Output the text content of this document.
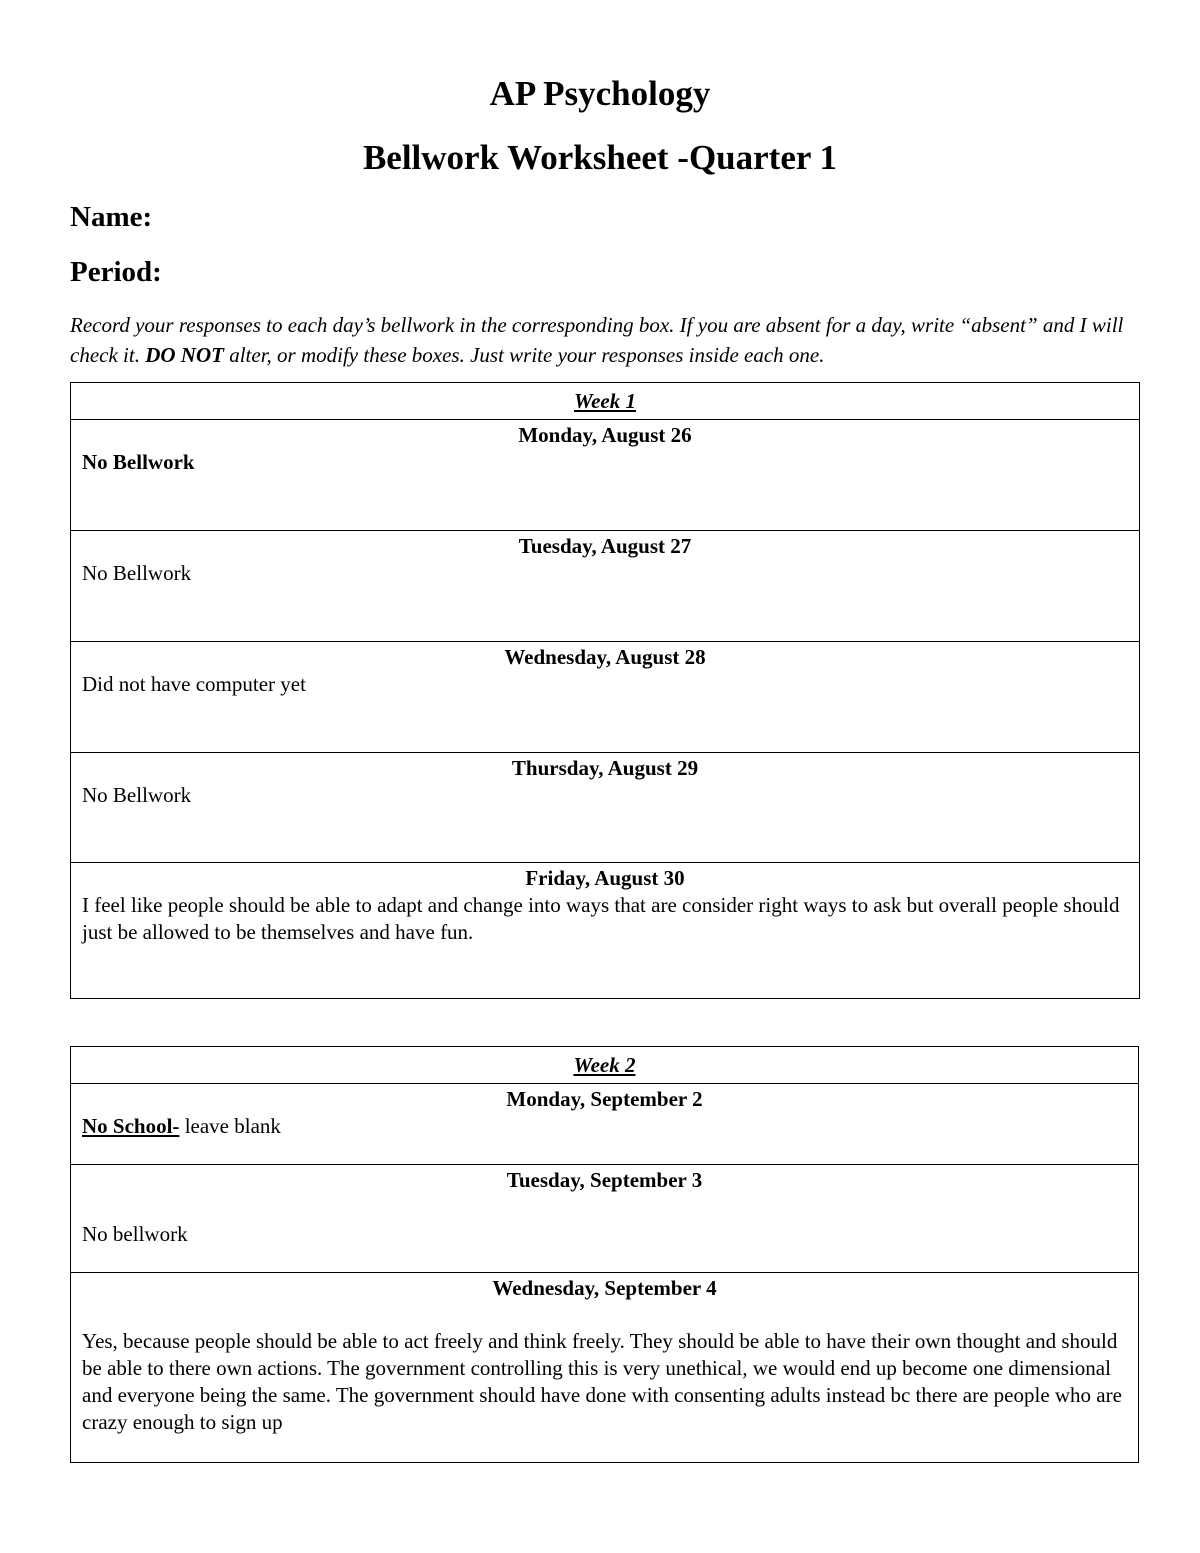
AP Psychology
Bellwork Worksheet -Quarter 1
Name:
Period:
Record your responses to each day’s bellwork in the corresponding box. If you are absent for a day, write “absent” and I will check it. DO NOT alter, or modify these boxes. Just write your responses inside each one.
Week 1

Monday, August 26
No Bellwork

Tuesday, August 27
No Bellwork

Wednesday, August 28
Did not have computer yet

Thursday, August 29
No Bellwork

Friday, August 30
I feel like people should be able to adapt and change into ways that are consider right ways to ask but overall people should just be allowed to be themselves and have fun.
Week 2

Monday, September 2
No School- leave blank

Tuesday, September 3
No bellwork

Wednesday, September 4
Yes, because people should be able to act freely and think freely. They should be able to have their own thought and should be able to there own actions. The government controlling this is very unethical, we would end up become one dimensional and everyone being the same. The government should have done with consenting adults instead bc there are people who are crazy enough to sign up
